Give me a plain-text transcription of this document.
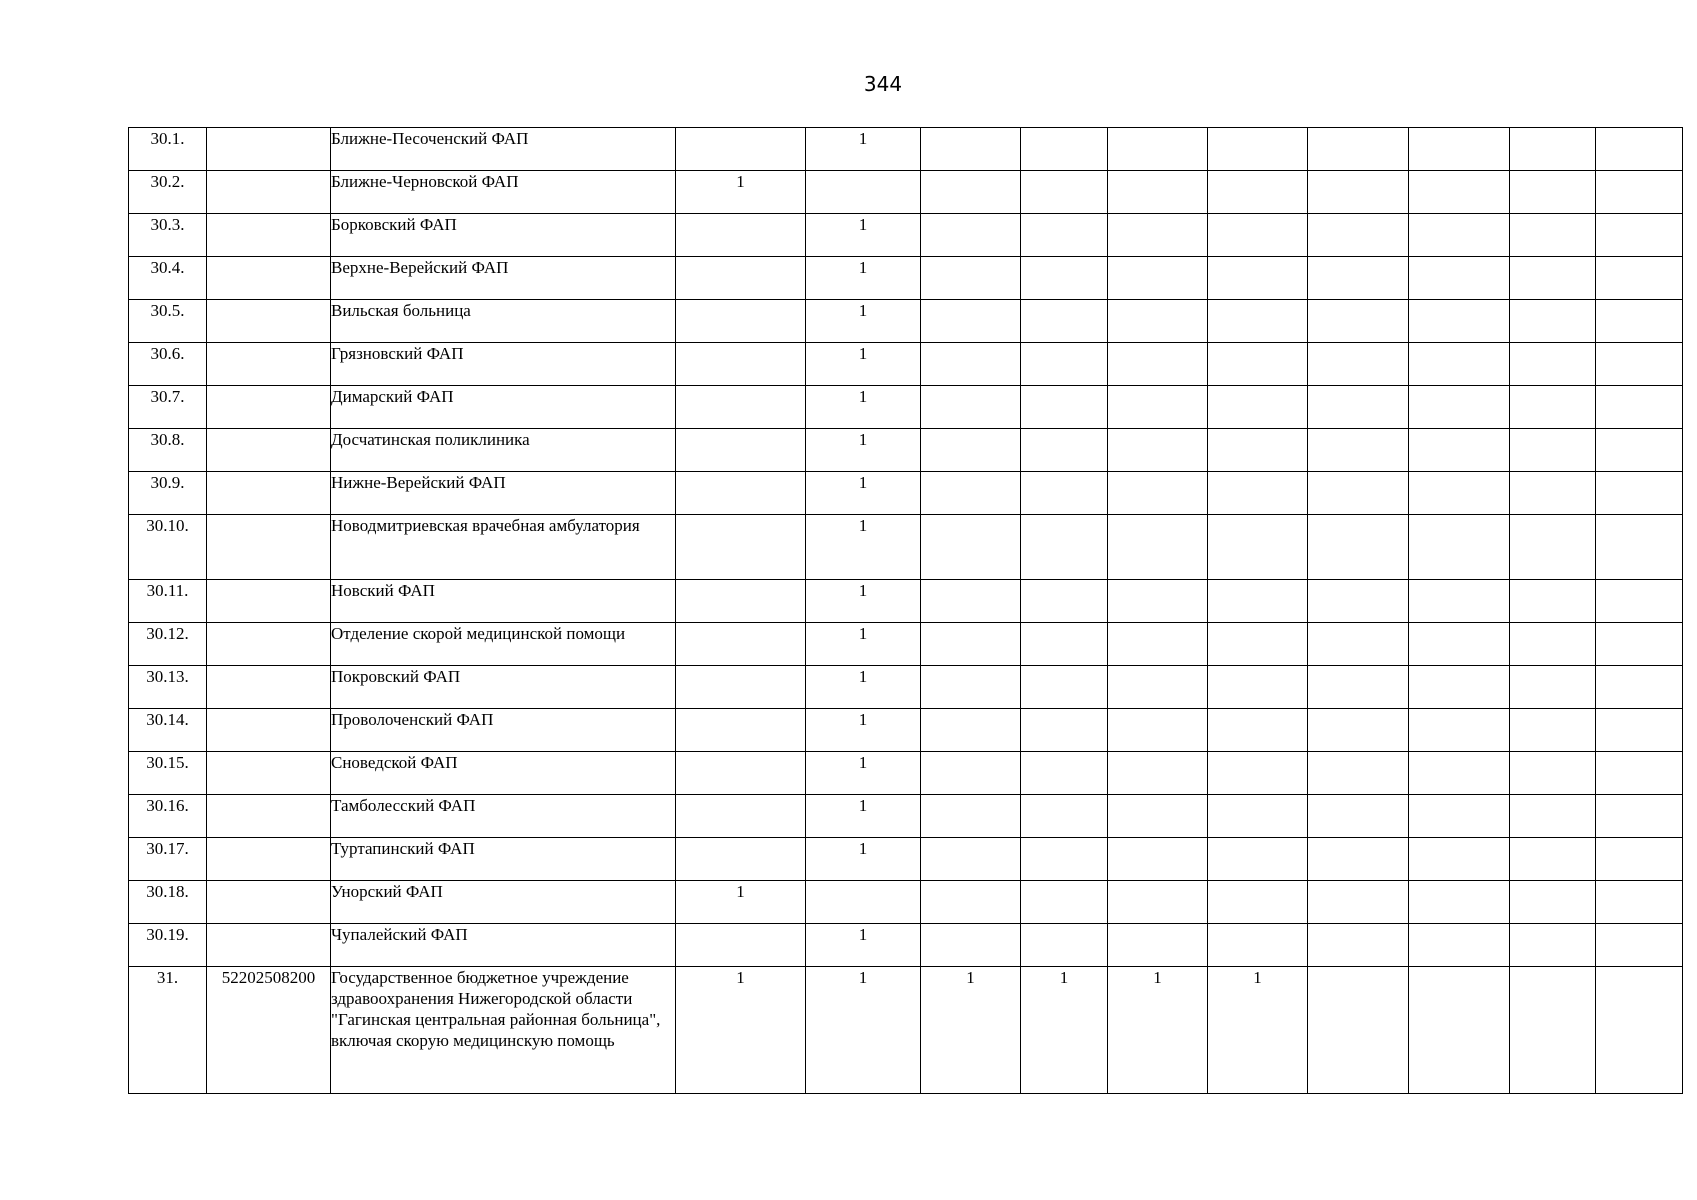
344
30.1.		Ближне-Песоченский ФАП		1								
30.2.		Ближне-Черновской ФАП	1									
30.3.		Борковский ФАП		1								
30.4.		Верхне-Верейский ФАП		1								
30.5.		Вильская больница		1								
30.6.		Грязновский ФАП		1								
30.7.		Димарский ФАП		1								
30.8.		Досчатинская поликлиника		1								
30.9.		Нижне-Верейский ФАП		1								
30.10.		Новодмитриевская врачебная амбулатория		1								
30.11.		Новский ФАП		1								
30.12.		Отделение скорой медицинской помощи		1								
30.13.		Покровский ФАП		1								
30.14.		Проволоченский ФАП		1								
30.15.		Сноведской ФАП		1								
30.16.		Тамболесский ФАП		1								
30.17.		Туртапинский ФАП		1								
30.18.		Унорский ФАП	1									
30.19.		Чупалейский ФАП		1								
31.	52202508200	Государственное бюджетное учреждение здравоохранения Нижегородской области "Гагинская центральная районная больница", включая скорую медицинскую помощь	1	1	1	1	1	1				
